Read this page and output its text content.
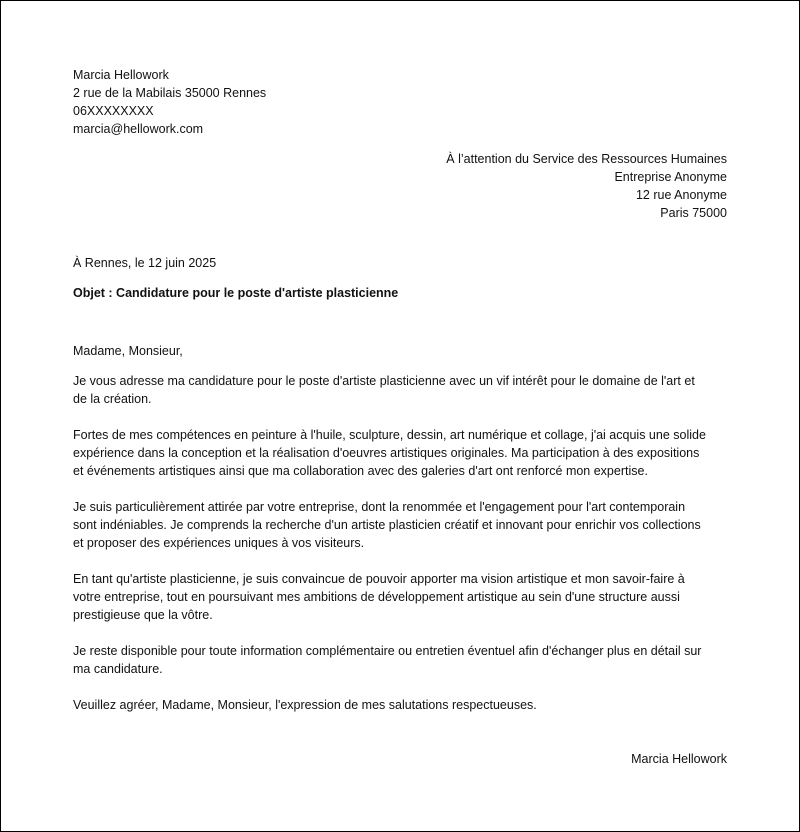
Marcia Hellowork
2 rue de la Mabilais 35000 Rennes
06XXXXXXXX
marcia@hellowork.com
À l’attention du Service des Ressources Humaines
Entreprise Anonyme
12 rue Anonyme
Paris 75000
À Rennes, le 12 juin 2025
Objet : Candidature pour le poste d'artiste plasticienne
Madame, Monsieur,
Je vous adresse ma candidature pour le poste d'artiste plasticienne avec un vif intérêt pour le domaine de l'art et
de la création.
Fortes de mes compétences en peinture à l'huile, sculpture, dessin, art numérique et collage, j'ai acquis une solide
expérience dans la conception et la réalisation d'oeuvres artistiques originales. Ma participation à des expositions
et événements artistiques ainsi que ma collaboration avec des galeries d'art ont renforcé mon expertise.
Je suis particulièrement attirée par votre entreprise, dont la renommée et l'engagement pour l'art contemporain
sont indéniables. Je comprends la recherche d'un artiste plasticien créatif et innovant pour enrichir vos collections
et proposer des expériences uniques à vos visiteurs.
En tant qu'artiste plasticienne, je suis convaincue de pouvoir apporter ma vision artistique et mon savoir-faire à
votre entreprise, tout en poursuivant mes ambitions de développement artistique au sein d'une structure aussi
prestigieuse que la vôtre.
Je reste disponible pour toute information complémentaire ou entretien éventuel afin d'échanger plus en détail sur
ma candidature.
Veuillez agréer, Madame, Monsieur, l'expression de mes salutations respectueuses.
Marcia Hellowork
